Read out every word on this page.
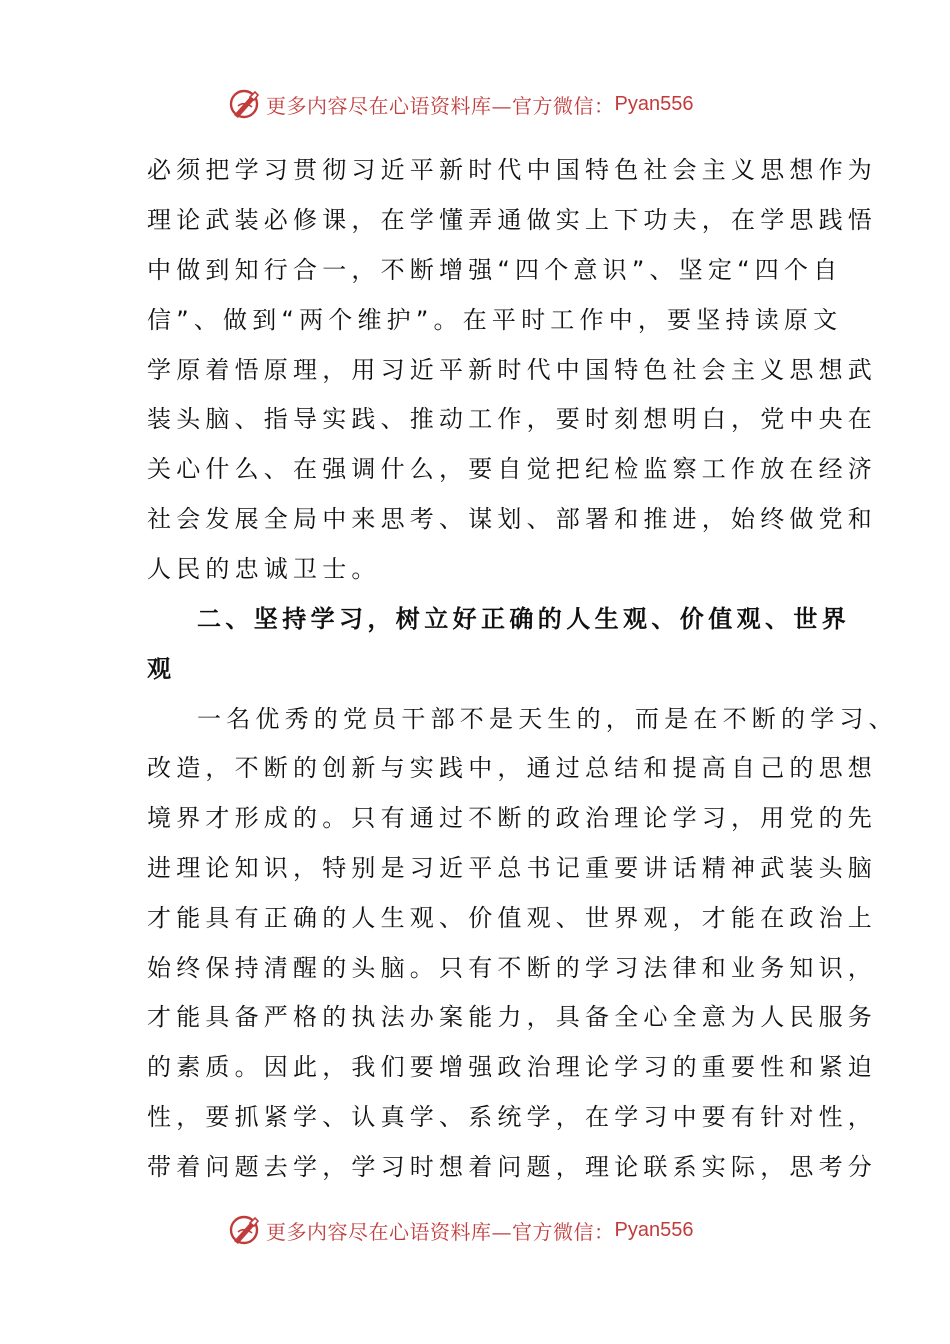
更多内容尽在心语资料库—官方微信： Pyan556
必须把学习贯彻习近平新时代中国特色社会主义思想作为
理论武装必修课，在学懂弄通做实上下功夫，在学思践悟
中做到知行合一，不断增强“四个意识”、坚定“四个自
信”、做到“两个维护”。在平时工作中，要坚持读原文
学原着悟原理，用习近平新时代中国特色社会主义思想武
装头脑、指导实践、推动工作，要时刻想明白，党中央在
关心什么、在强调什么，要自觉把纪检监察工作放在经济
社会发展全局中来思考、谋划、部署和推进，始终做党和
人民的忠诚卫士。
二、坚持学习，树立好正确的人生观、价值观、世界
观
一名优秀的党员干部不是天生的，而是在不断的学习、
改造，不断的创新与实践中，通过总结和提高自己的思想
境界才形成的。只有通过不断的政治理论学习，用党的先
进理论知识，特别是习近平总书记重要讲话精神武装头脑
才能具有正确的人生观、价值观、世界观，才能在政治上
始终保持清醒的头脑。只有不断的学习法律和业务知识，
才能具备严格的执法办案能力，具备全心全意为人民服务
的素质。因此，我们要增强政治理论学习的重要性和紧迫
性，要抓紧学、认真学、系统学，在学习中要有针对性，
带着问题去学，学习时想着问题，理论联系实际，思考分
更多内容尽在心语资料库—官方微信： Pyan556
